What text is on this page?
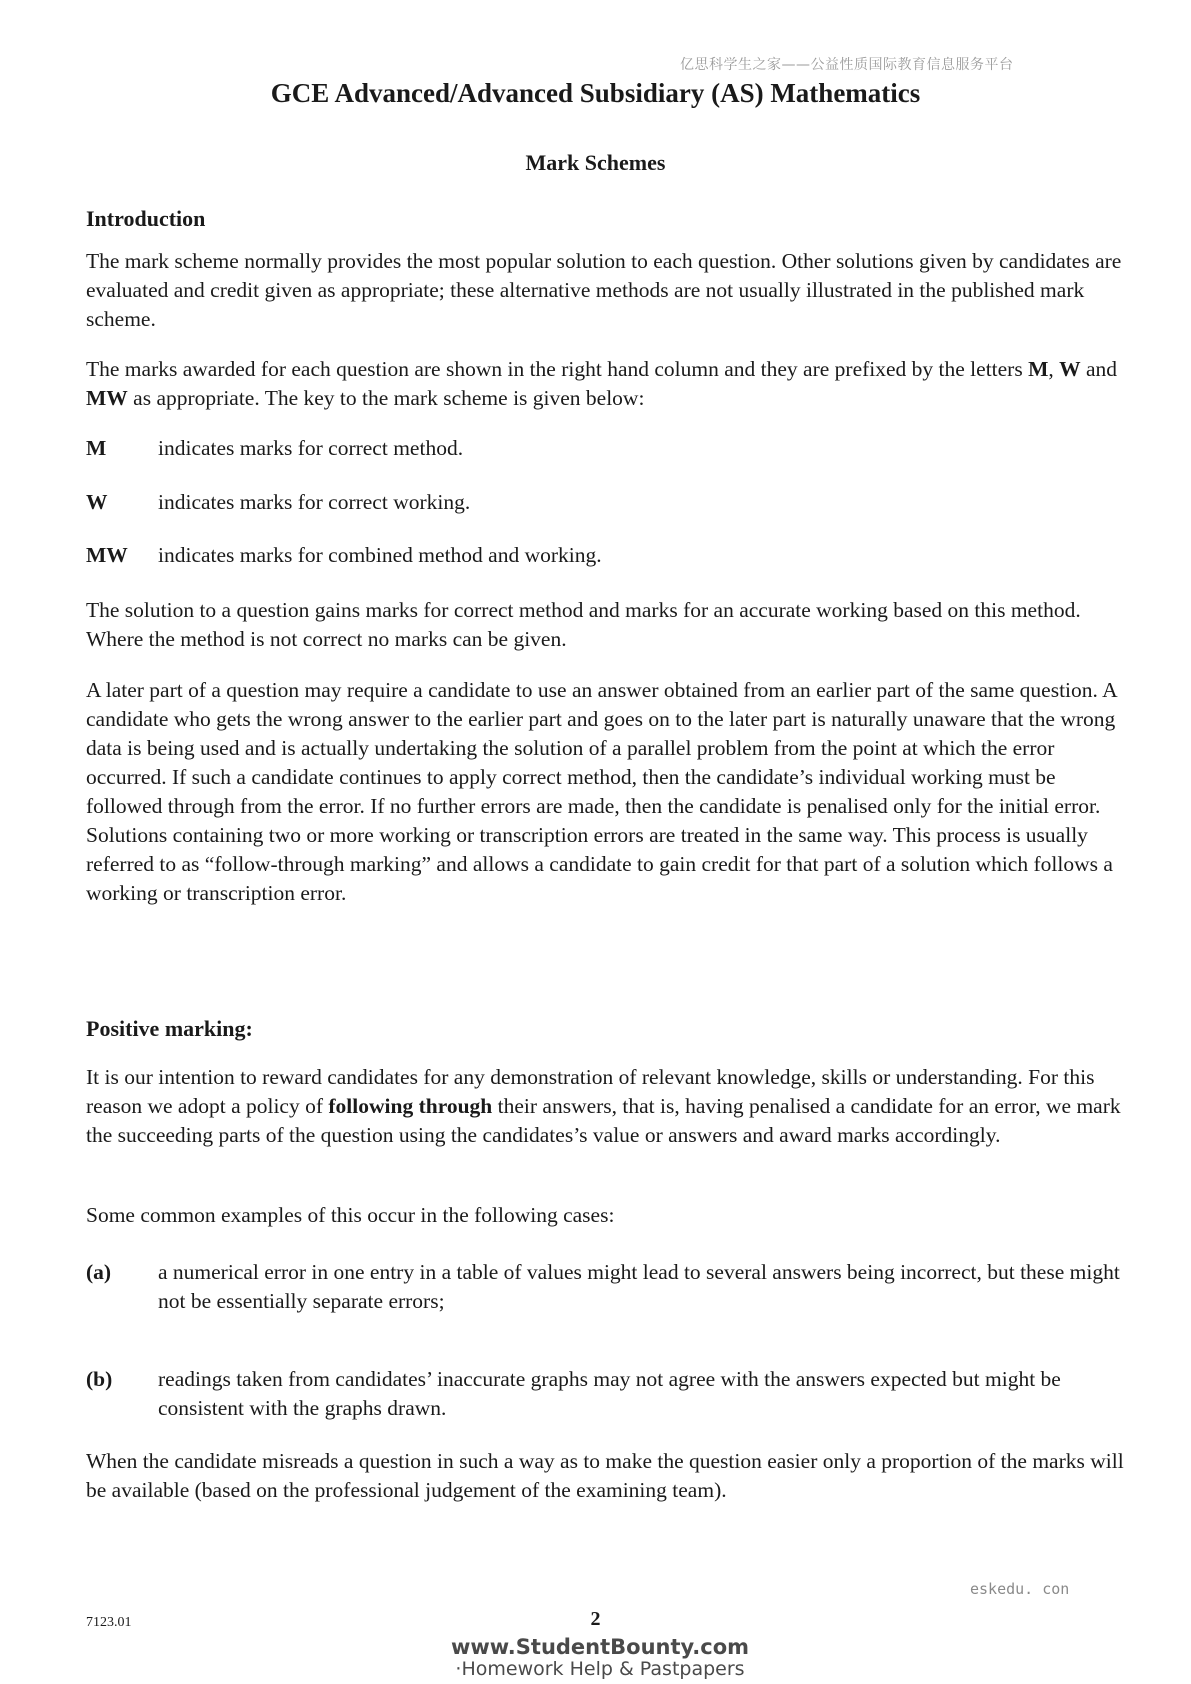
亿思科学生之家——公益性质国际教育信息服务平台
GCE Advanced/Advanced Subsidiary (AS) Mathematics
Mark Schemes
Introduction

The mark scheme normally provides the most popular solution to each question. Other solutions given by candidates are evaluated and credit given as appropriate; these alternative methods are not usually illustrated in the published mark scheme.

The marks awarded for each question are shown in the right hand column and they are prefixed by the letters M, W and MW as appropriate. The key to the mark scheme is given below:

M indicates marks for correct method.
W indicates marks for correct working.
MW indicates marks for combined method and working.

The solution to a question gains marks for correct method and marks for an accurate working based on this method. Where the method is not correct no marks can be given.

A later part of a question may require a candidate to use an answer obtained from an earlier part of the same question. A candidate who gets the wrong answer to the earlier part and goes on to the later part is naturally unaware that the wrong data is being used and is actually undertaking the solution of a parallel problem from the point at which the error occurred. If such a candidate continues to apply correct method, then the candidate’s individual working must be followed through from the error. If no further errors are made, then the candidate is penalised only for the initial error. Solutions containing two or more working or transcription errors are treated in the same way. This process is usually referred to as “follow-through marking” and allows a candidate to gain credit for that part of a solution which follows a working or transcription error.

Positive marking:

It is our intention to reward candidates for any demonstration of relevant knowledge, skills or understanding. For this reason we adopt a policy of following through their answers, that is, having penalised a candidate for an error, we mark the succeeding parts of the question using the candidates’s value or answers and award marks accordingly.

Some common examples of this occur in the following cases:

(a) a numerical error in one entry in a table of values might lead to several answers being incorrect, but these might not be essentially separate errors;
(b) readings taken from candidates’ inaccurate graphs may not agree with the answers expected but might be consistent with the graphs drawn.

When the candidate misreads a question in such a way as to make the question easier only a proportion of the marks will be available (based on the professional judgement of the examining team).

eskedu. con
7123.01	2
www.StudentBounty.com
·Homework Help & Pastpapers
